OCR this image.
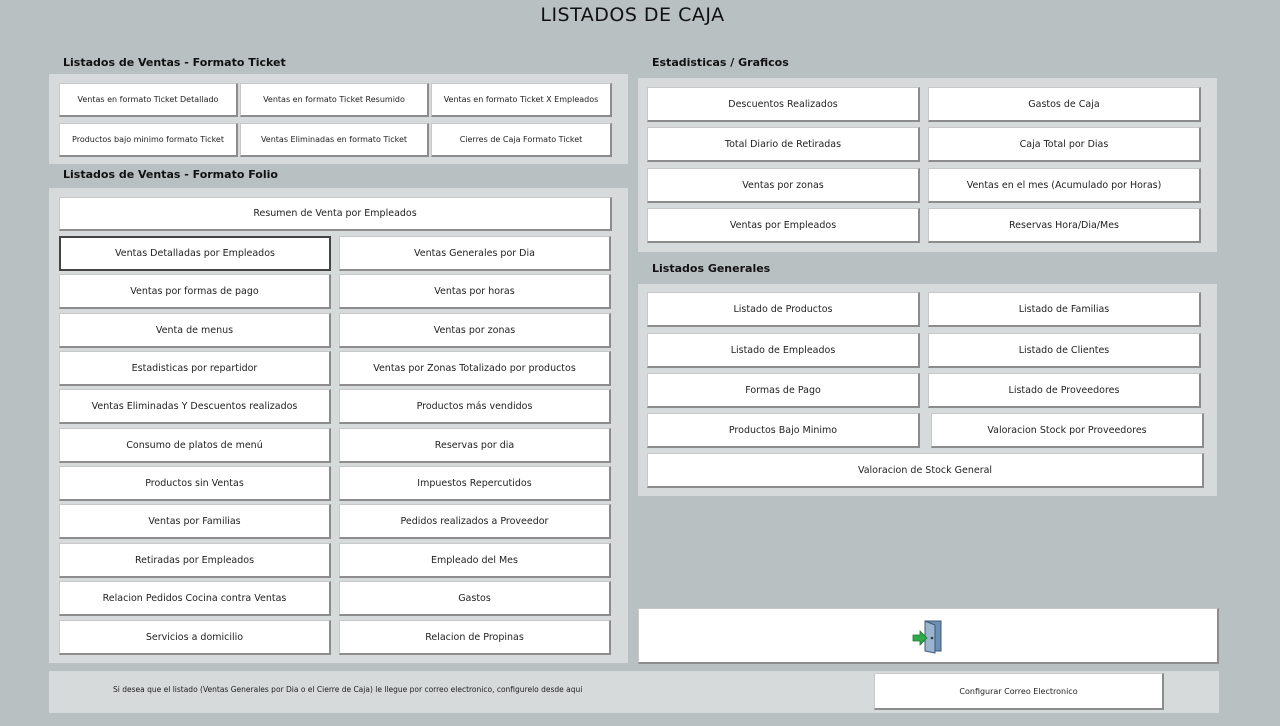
LISTADOS DE CAJA
Listados de Ventas - Formato Ticket
Ventas en formato Ticket Detallado	Ventas en formato Ticket Resumido	Ventas en formato Ticket X Empleados
Productos bajo minimo formato Ticket	Ventas Eliminadas en formato Ticket	Cierres de Caja Formato Ticket
Listados de Ventas - Formato Folio
Resumen de Venta por Empleados
Ventas Detalladas por Empleados
Ventas por formas de pago
Venta de menus
Estadisticas por repartidor
Ventas Eliminadas Y Descuentos realizados
Consumo de platos de menú
Productos sin Ventas
Ventas por Familias
Retiradas por Empleados
Relacion Pedidos Cocina contra Ventas
Servicios a domicilio
Ventas Generales por Dia
Ventas por horas
Ventas por zonas
Ventas por Zonas Totalizado por productos
Productos más vendidos
Reservas por dia
Impuestos Repercutidos
Pedidos realizados a Proveedor
Empleado del Mes
Gastos
Relacion de Propinas
Estadisticas / Graficos
Descuentos Realizados	Gastos de Caja
Total Diario de Retiradas	Caja Total por Dias
Ventas por zonas	Ventas en el mes (Acumulado por Horas)
Ventas por Empleados	Reservas Hora/Dia/Mes
Listados Generales
Listado de Productos	Listado de Familias
Listado de Empleados	Listado de Clientes
Formas de Pago	Listado de Proveedores
Productos Bajo Minimo	Valoracion Stock por Proveedores
Valoracion de Stock General
Si desea que el listado (Ventas Generales por Dia o el Cierre de Caja) le llegue por correo electronico, configurelo desde aqui	Configurar Correo Electronico
